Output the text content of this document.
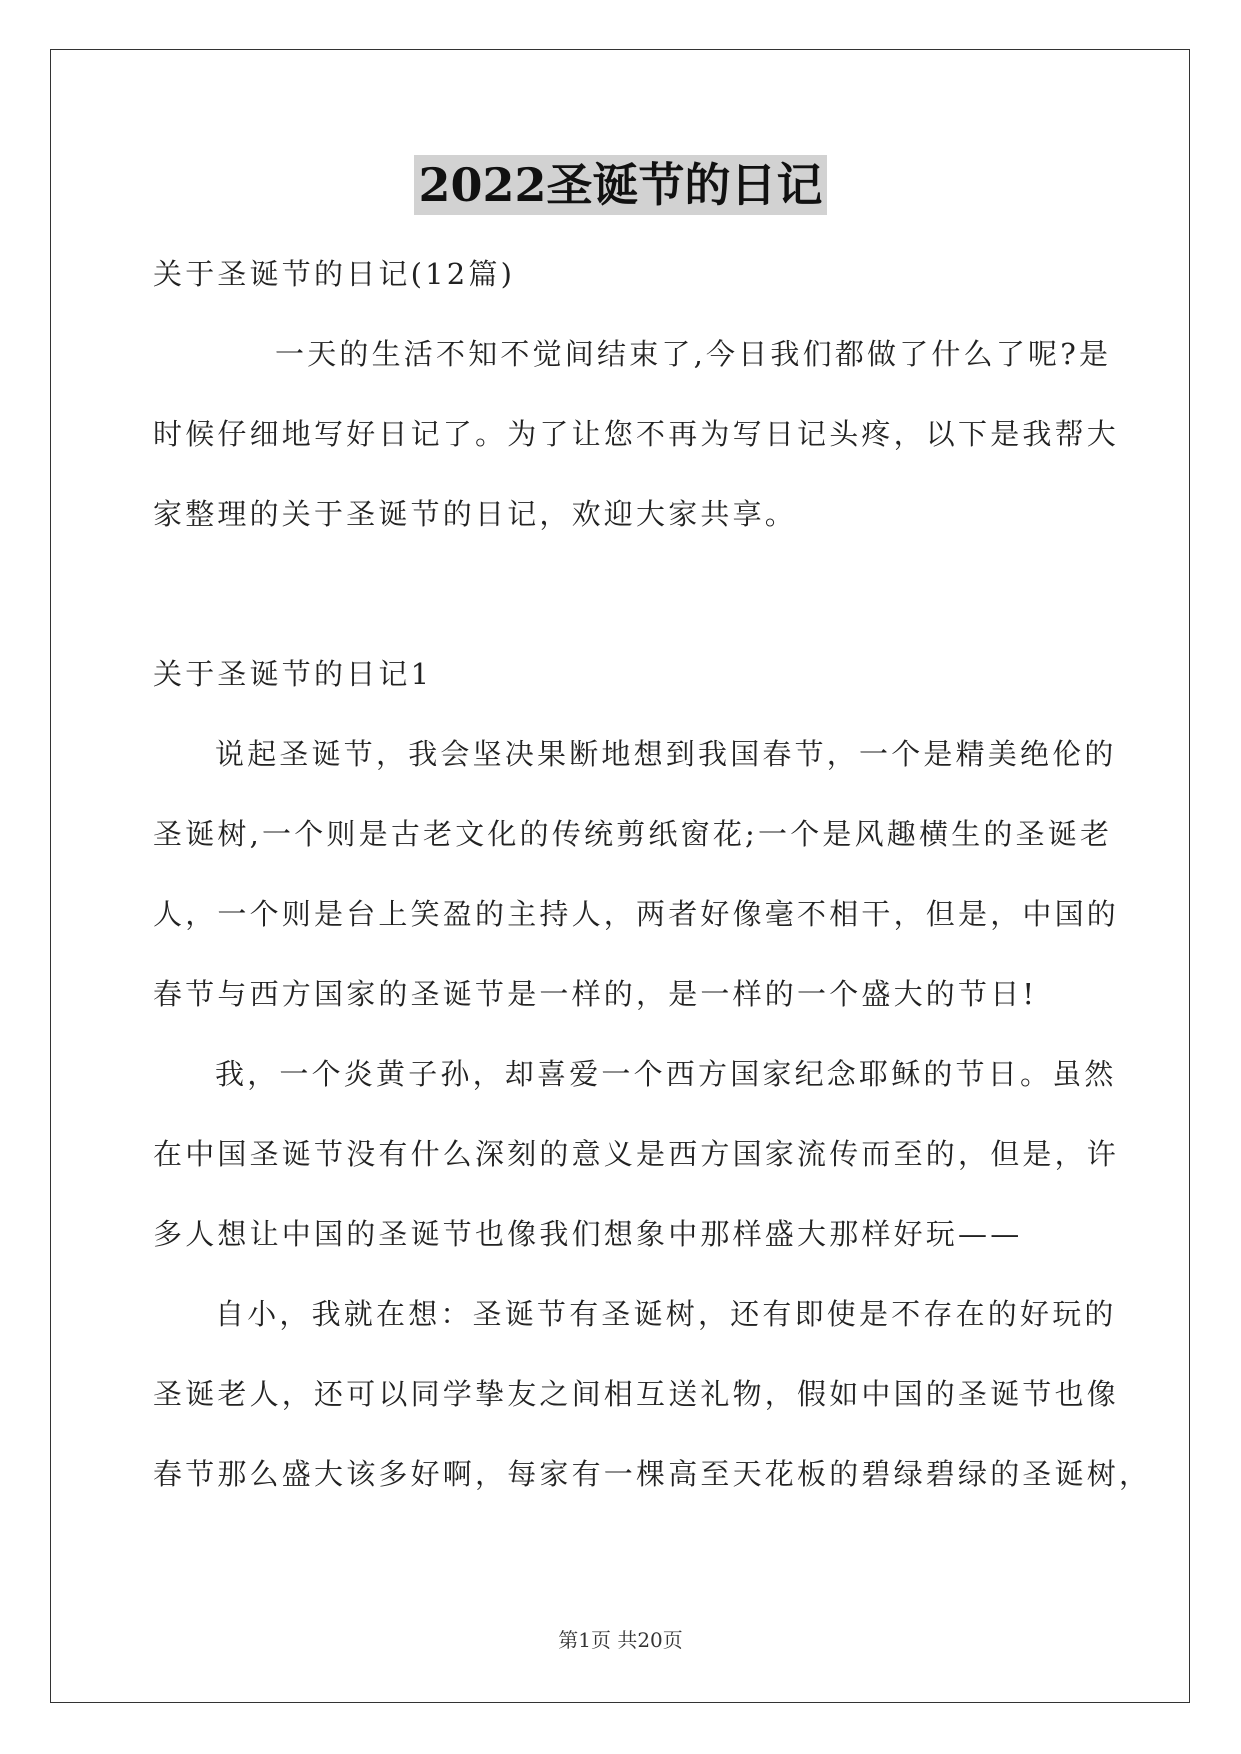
2022圣诞节的日记
关于圣诞节的日记(12篇)
一天的生活不知不觉间结束了,今日我们都做了什么了呢?是
时候仔细地写好日记了。为了让您不再为写日记头疼，以下是我帮大
家整理的关于圣诞节的日记，欢迎大家共享。
关于圣诞节的日记1
说起圣诞节，我会坚决果断地想到我国春节，一个是精美绝伦的
圣诞树,一个则是古老文化的传统剪纸窗花;一个是风趣横生的圣诞老
人，一个则是台上笑盈的主持人，两者好像毫不相干，但是，中国的
春节与西方国家的圣诞节是一样的，是一样的一个盛大的节日!
我，一个炎黄子孙，却喜爱一个西方国家纪念耶稣的节日。虽然
在中国圣诞节没有什么深刻的意义是西方国家流传而至的，但是，许
多人想让中国的圣诞节也像我们想象中那样盛大那样好玩——
自小，我就在想：圣诞节有圣诞树，还有即使是不存在的好玩的
圣诞老人，还可以同学挚友之间相互送礼物，假如中国的圣诞节也像
春节那么盛大该多好啊，每家有一棵高至天花板的碧绿碧绿的圣诞树，
第1页 共20页
